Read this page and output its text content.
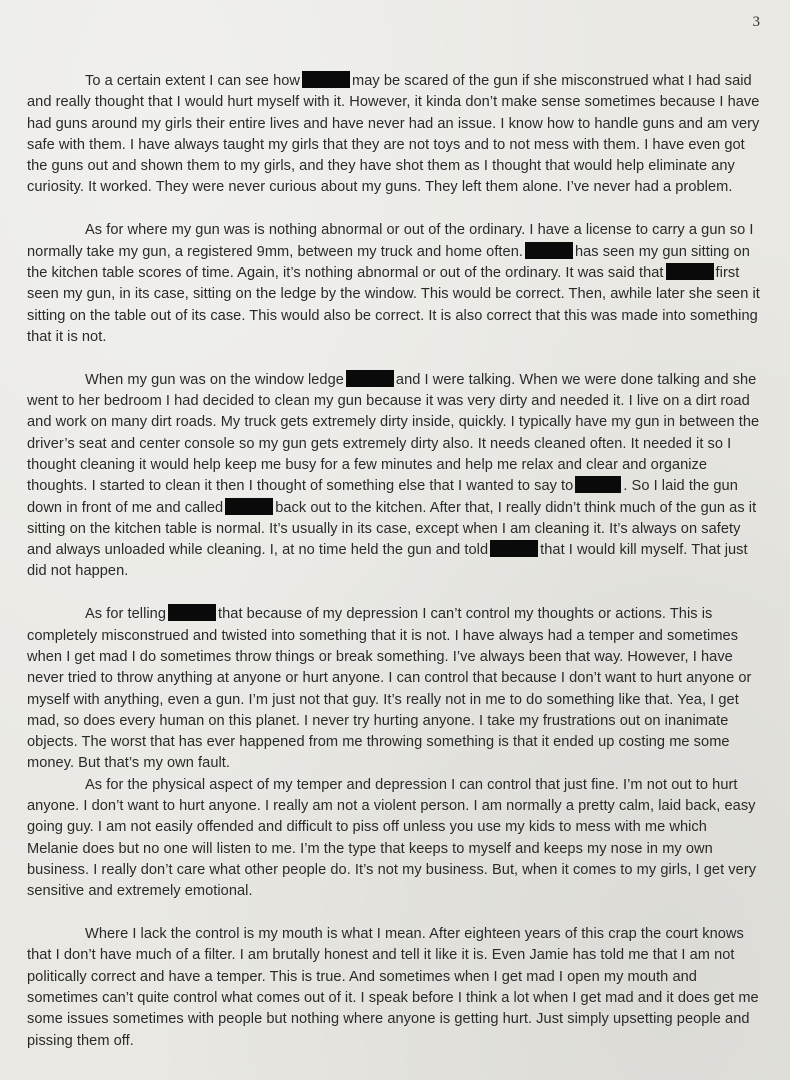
3

To a certain extent I can see how	may be scared of the gun if she misconstrued what I had said and really thought that I would hurt myself with it. However, it kinda don’t make sense sometimes because I have had guns around my girls their entire lives and have never had an issue. I know how to handle guns and am very safe with them. I have always taught my girls that they are not toys and to not mess with them. I have even got the guns out and shown them to my girls, and they have shot them as I thought that would help eliminate any curiosity. It worked. They were never curious about my guns. They left them alone. I’ve never had a problem.

As for where my gun was is nothing abnormal or out of the ordinary. I have a license to carry a gun so I normally take my gun, a registered 9mm, between my truck and home often.	has seen my gun sitting on the kitchen table scores of time. Again, it’s nothing abnormal or out of the ordinary. It was said that	first seen my gun, in its case, sitting on the ledge by the window. This would be correct. Then, awhile later she seen it sitting on the table out of its case. This would also be correct. It is also correct that this was made into something that it is not.

When my gun was on the window ledge	and I were talking. When we were done talking and she went to her bedroom I had decided to clean my gun because it was very dirty and needed it. I live on a dirt road and work on many dirt roads. My truck gets extremely dirty inside, quickly. I typically have my gun in between the driver’s seat and center console so my gun gets extremely dirty also. It needs cleaned often. It needed it so I thought cleaning it would help keep me busy for a few minutes and help me relax and clear and organize thoughts. I started to clean it then I thought of something else that I wanted to say to	. So I laid the gun down in front of me and called	back out to the kitchen. After that, I really didn’t think much of the gun as it sitting on the kitchen table is normal. It’s usually in its case, except when I am cleaning it. It’s always on safety and always unloaded while cleaning. I, at no time held the gun and told	that I would kill myself. That just did not happen.

As for telling	that because of my depression I can’t control my thoughts or actions. This is completely misconstrued and twisted into something that it is not. I have always had a temper and sometimes when I get mad I do sometimes throw things or break something. I’ve always been that way. However, I have never tried to throw anything at anyone or hurt anyone. I can control that because I don’t want to hurt anyone or myself with anything, even a gun. I’m just not that guy. It’s really not in me to do something like that. Yea, I get mad, so does every human on this planet. I never try hurting anyone. I take my frustrations out on inanimate objects. The worst that has ever happened from me throwing something is that it ended up costing me some money. But that’s my own fault.

As for the physical aspect of my temper and depression I can control that just fine. I’m not out to hurt anyone. I don’t want to hurt anyone. I really am not a violent person. I am normally a pretty calm, laid back, easy going guy. I am not easily offended and difficult to piss off unless you use my kids to mess with me which Melanie does but no one will listen to me. I’m the type that keeps to myself and keeps my nose in my own business. I really don’t care what other people do. It’s not my business. But, when it comes to my girls, I get very sensitive and extremely emotional.

Where I lack the control is my mouth is what I mean. After eighteen years of this crap the court knows that I don’t have much of a filter. I am brutally honest and tell it like it is. Even Jamie has told me that I am not politically correct and have a temper. This is true. And sometimes when I get mad I open my mouth and sometimes can’t quite control what comes out of it. I speak before I think a lot when I get mad and it does get me some issues sometimes with people but nothing where anyone is getting hurt. Just simply upsetting people and pissing them off.
